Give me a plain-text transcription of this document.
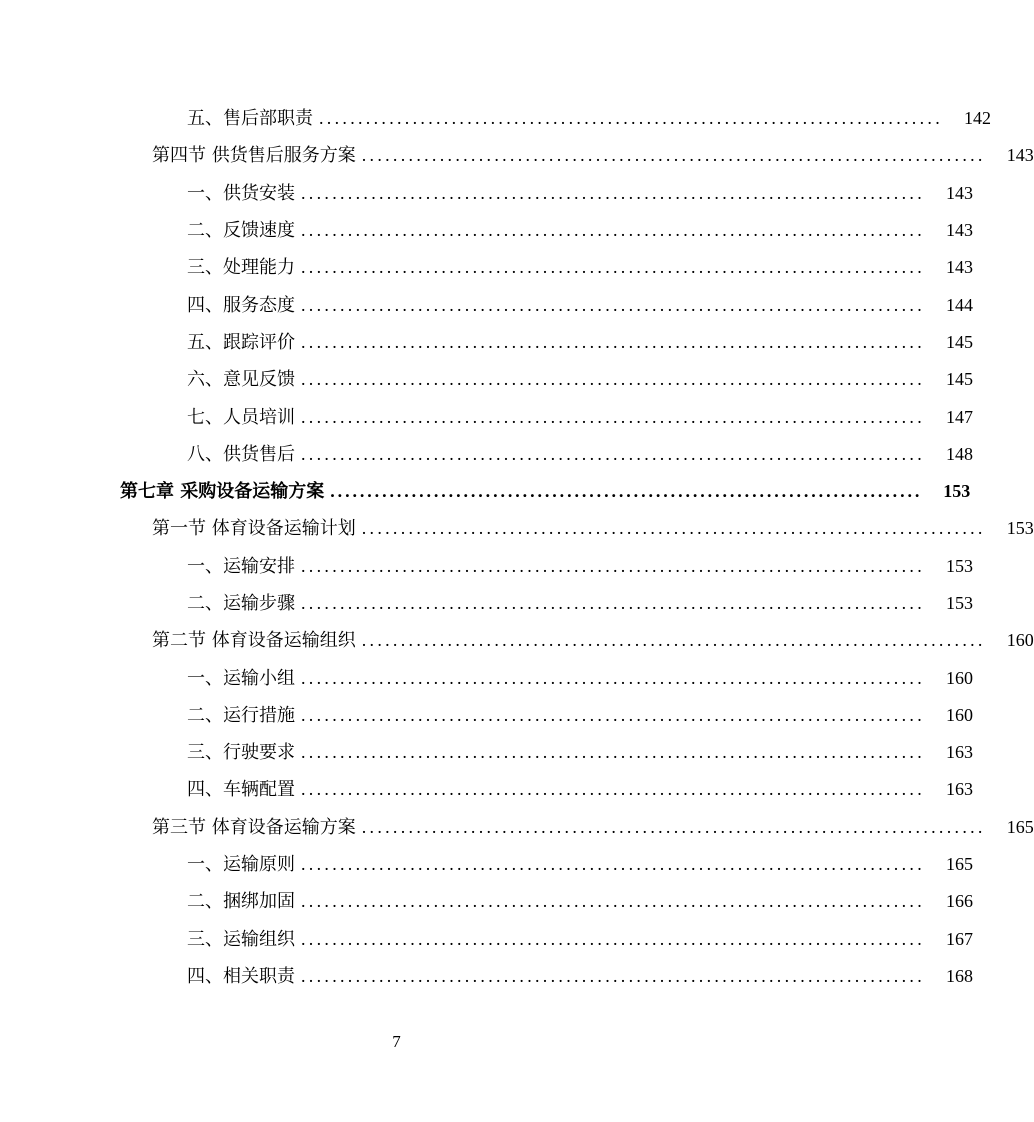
五、售后部职责 ................................................................................	142
第四节 供货售后服务方案 ................................................................................	143
一、供货安装 ................................................................................	143
二、反馈速度 ................................................................................	143
三、处理能力 ................................................................................	143
四、服务态度 ................................................................................	144
五、跟踪评价 ................................................................................	145
六、意见反馈 ................................................................................	145
七、人员培训 ................................................................................	147
八、供货售后 ................................................................................	148
第七章 采购设备运输方案 ................................................................................	153
第一节 体育设备运输计划 ................................................................................	153
一、运输安排 ................................................................................	153
二、运输步骤 ................................................................................	153
第二节 体育设备运输组织 ................................................................................	160
一、运输小组 ................................................................................	160
二、运行措施 ................................................................................	160
三、行驶要求 ................................................................................	163
四、车辆配置 ................................................................................	163
第三节 体育设备运输方案 ................................................................................	165
一、运输原则 ................................................................................	165
二、捆绑加固 ................................................................................	166
三、运输组织 ................................................................................	167
四、相关职责 ................................................................................	168
7
